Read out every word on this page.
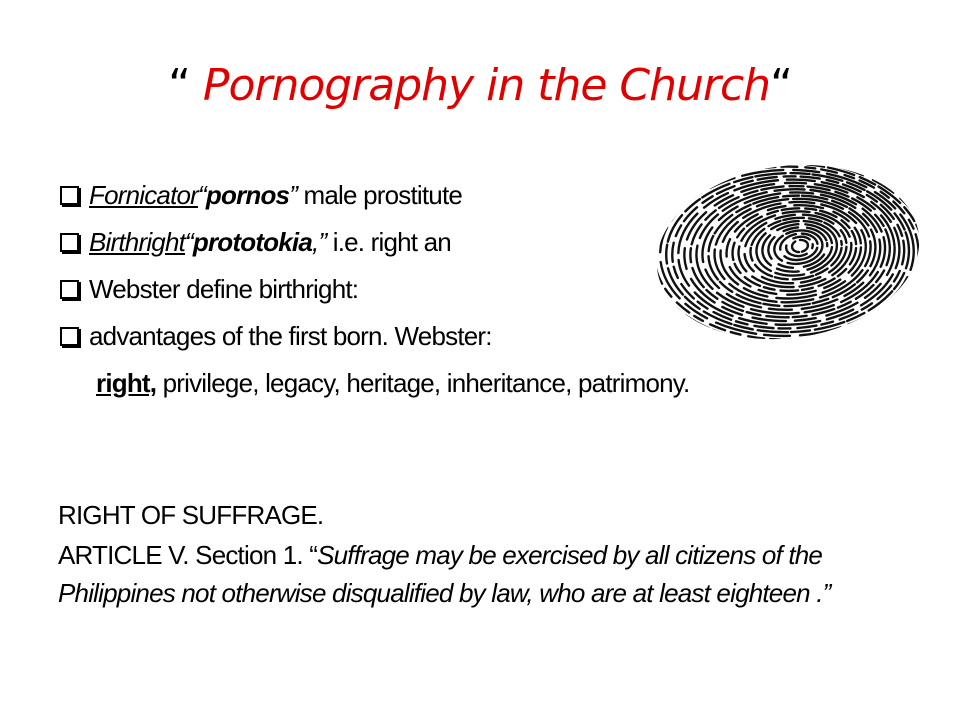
“ Pornography in the Church“
Fornicator“pornos” male prostitute
Birthright“prototokia,” i.e. right an
Webster define birthright:
advantages of the first born. Webster:
right, privilege, legacy, heritage, inheritance, patrimony.
RIGHT OF SUFFRAGE.
ARTICLE V. Section 1. “Suffrage may be exercised by all citizens of the
Philippines not otherwise disqualified by law, who are at least eighteen .”
